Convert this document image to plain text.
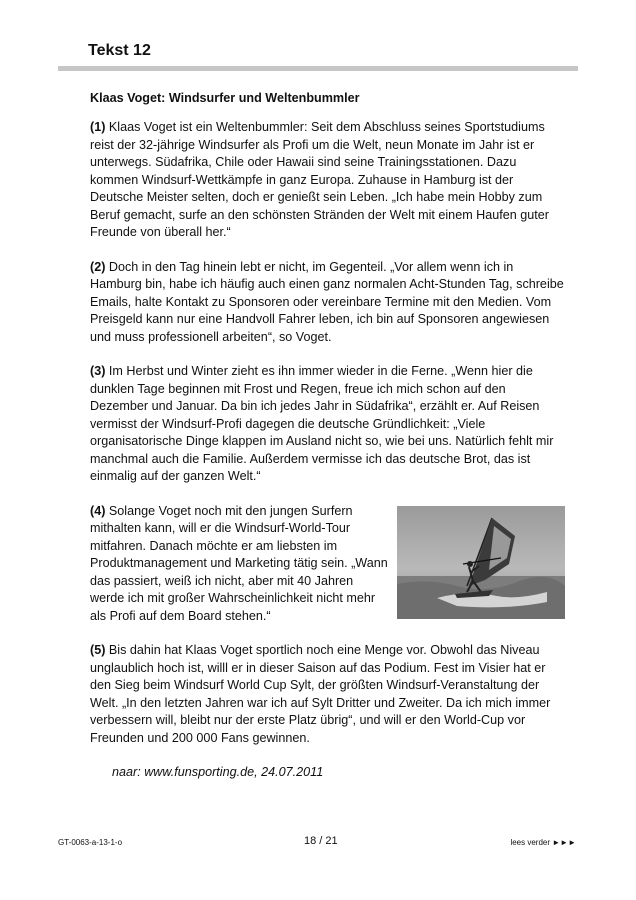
Tekst 12
Klaas Voget: Windsurfer und Weltenbummler

(1) Klaas Voget ist ein Weltenbummler: Seit dem Abschluss seines Sportstudiums reist der 32-jährige Windsurfer als Profi um die Welt, neun Monate im Jahr ist er unterwegs. Südafrika, Chile oder Hawaii sind seine Trainingsstationen. Dazu kommen Windsurf-Wettkämpfe in ganz Europa. Zuhause in Hamburg ist der Deutsche Meister selten, doch er genießt sein Leben. „Ich habe mein Hobby zum Beruf gemacht, surfe an den schönsten Stränden der Welt mit einem Haufen guter Freunde von überall her.“

(2) Doch in den Tag hinein lebt er nicht, im Gegenteil. „Vor allem wenn ich in Hamburg bin, habe ich häufig auch einen ganz normalen Acht-Stunden Tag, schreibe Emails, halte Kontakt zu Sponsoren oder vereinbare Termine mit den Medien. Vom Preisgeld kann nur eine Handvoll Fahrer leben, ich bin auf Sponsoren angewiesen und muss professionell arbeiten“, so Voget.

(3) Im Herbst und Winter zieht es ihn immer wieder in die Ferne. „Wenn hier die dunklen Tage beginnen mit Frost und Regen, freue ich mich schon auf den Dezember und Januar. Da bin ich jedes Jahr in Südafrika“, erzählt er. Auf Reisen vermisst der Windsurf-Profi dagegen die deutsche Gründlichkeit: „Viele organisatorische Dinge klappen im Ausland nicht so, wie bei uns. Natürlich fehlt mir manchmal auch die Familie. Außerdem vermisse ich das deutsche Brot, das ist einmalig auf der ganzen Welt.“

(4) Solange Voget noch mit den jungen Surfern mithalten kann, will er die Windsurf-World-Tour mitfahren. Danach möchte er am liebsten im Produktmanagement und Marketing tätig sein. „Wann das passiert, weiß ich nicht, aber mit 40 Jahren werde ich mit großer Wahrscheinlichkeit nicht mehr als Profi auf dem Board stehen.“

(5) Bis dahin hat Klaas Voget sportlich noch eine Menge vor. Obwohl das Niveau unglaublich hoch ist, willl er in dieser Saison auf das Podium. Fest im Visier hat er den Sieg beim Windsurf World Cup Sylt, der größten Windsurf-Veranstaltung der Welt. „In den letzten Jahren war ich auf Sylt Dritter und Zweiter. Da ich mich immer verbessern will, bleibt nur der erste Platz übrig“, und will er den World-Cup vor Freunden und 200 000 Fans gewinnen.

naar: www.funsporting.de, 24.07.2011

GT-0063-a-13-1-o	18 / 21	lees verder ►►►
